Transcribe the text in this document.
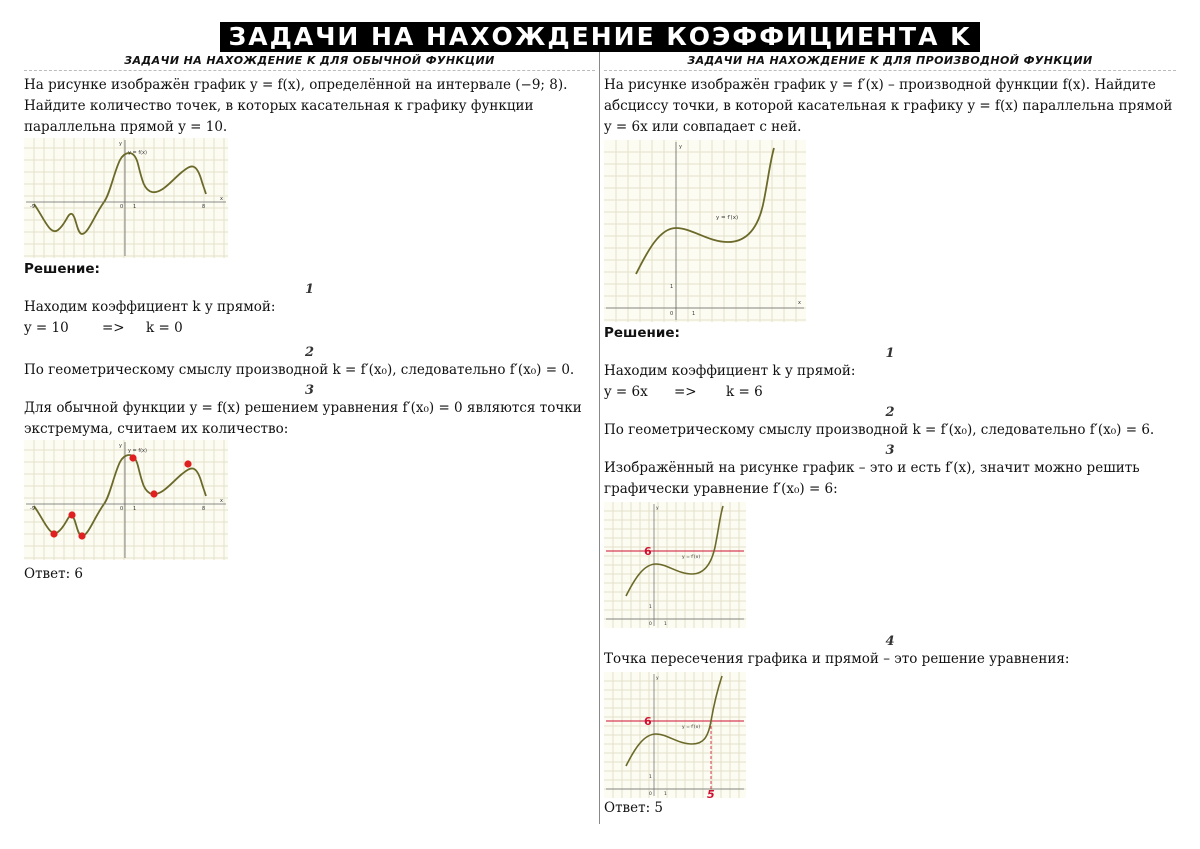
ЗАДАЧИ НА НАХОЖДЕНИЕ КОЭФФИЦИЕНТА K
ЗАДАЧИ НА НАХОЖДЕНИЕ K ДЛЯ ОБЫЧНОЙ ФУНКЦИИ

На рисунке изображён график y = f(x), определённой на интервале (−9; 8). Найдите количество точек, в которых касательная к графику функции параллельна прямой y = 10.

y = f(x)
y
x
0 1
-9	8
Решение:
1

Находим коэффициент k у прямой:

y = 10 => k = 0

2

По геометрическому смыслу производной k = f′(x₀), следовательно f′(x₀) = 0.

3

Для обычной функции y = f(x) решением уравнения f′(x₀) = 0 являются точки экстремума, считаем их количество:

y = f(x)
y
x
0 1
-9	8
Ответ: 6
ЗАДАЧИ НА НАХОЖДЕНИЕ K ДЛЯ ПРОИЗВОДНОЙ ФУНКЦИИ

На рисунке изображён график y = f′(x) – производной функции f(x). Найдите абсциссу точки, в которой касательная к графику y = f(x) параллельна прямой y = 6x или совпадает с ней.

y = f′(x)
y
x
0
1
1
Решение:
1

Находим коэффициент k у прямой:

y = 6x => k = 6

2

По геометрическому смыслу производной k = f′(x₀), следовательно f′(x₀) = 6.

3

Изображённый на рисунке график – это и есть f′(x), значит можно решить графически уравнение f′(x₀) = 6:

6	y = f′(x)
y
0
1
1
4

Точка пересечения графика и прямой – это решение уравнения:

6
5
y = f′(x)
y
0
1
1
Ответ: 5
